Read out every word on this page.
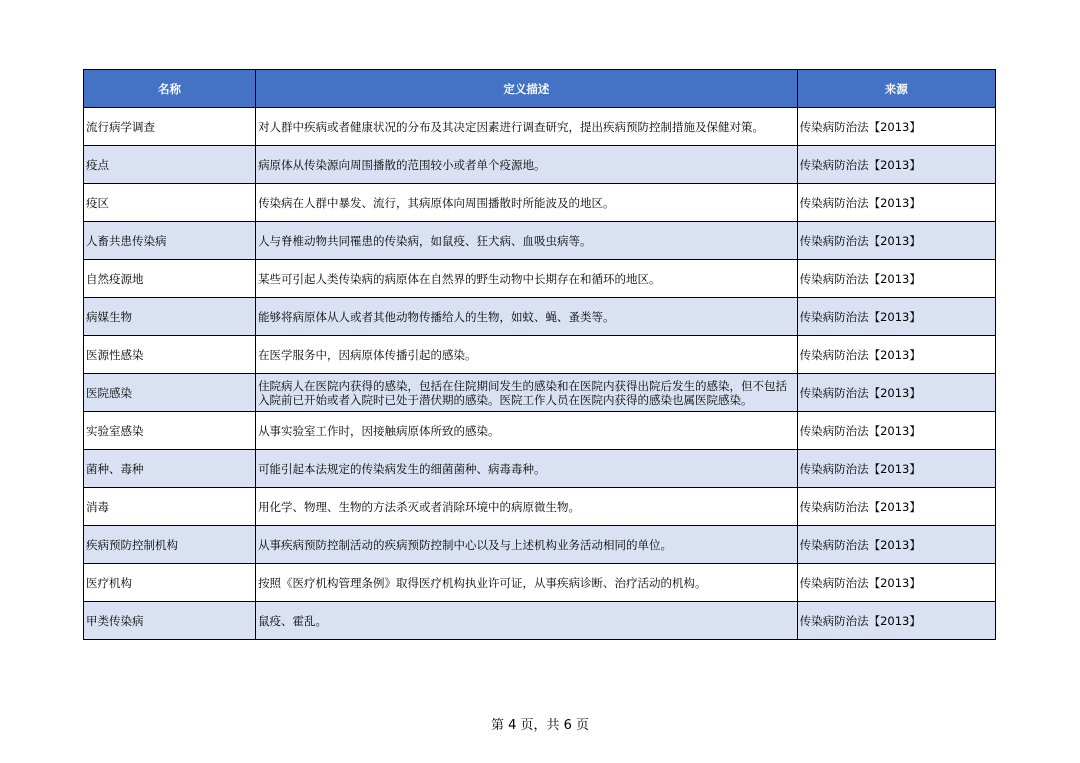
名称	定义描述	来源
流行病学调查	对人群中疾病或者健康状况的分布及其决定因素进行调查研究，提出疾病预防控制措施及保健对策。	传染病防治法【2013】
疫点	病原体从传染源向周围播散的范围较小或者单个疫源地。	传染病防治法【2013】
疫区	传染病在人群中暴发、流行，其病原体向周围播散时所能波及的地区。	传染病防治法【2013】
人畜共患传染病	人与脊椎动物共同罹患的传染病，如鼠疫、狂犬病、血吸虫病等。	传染病防治法【2013】
自然疫源地	某些可引起人类传染病的病原体在自然界的野生动物中长期存在和循环的地区。	传染病防治法【2013】
病媒生物	能够将病原体从人或者其他动物传播给人的生物，如蚊、蝇、蚤类等。	传染病防治法【2013】
医源性感染	在医学服务中，因病原体传播引起的感染。	传染病防治法【2013】
医院感染	住院病人在医院内获得的感染，包括在住院期间发生的感染和在医院内获得出院后发生的感染，但不包括入院前已开始或者入院时已处于潜伏期的感染。医院工作人员在医院内获得的感染也属医院感染。	传染病防治法【2013】
实验室感染	从事实验室工作时，因接触病原体所致的感染。	传染病防治法【2013】
菌种、毒种	可能引起本法规定的传染病发生的细菌菌种、病毒毒种。	传染病防治法【2013】
消毒	用化学、物理、生物的方法杀灭或者消除环境中的病原微生物。	传染病防治法【2013】
疾病预防控制机构	从事疾病预防控制活动的疾病预防控制中心以及与上述机构业务活动相同的单位。	传染病防治法【2013】
医疗机构	按照《医疗机构管理条例》取得医疗机构执业许可证，从事疾病诊断、治疗活动的机构。	传染病防治法【2013】
甲类传染病	鼠疫、霍乱。	传染病防治法【2013】
第 4 页，共 6 页
